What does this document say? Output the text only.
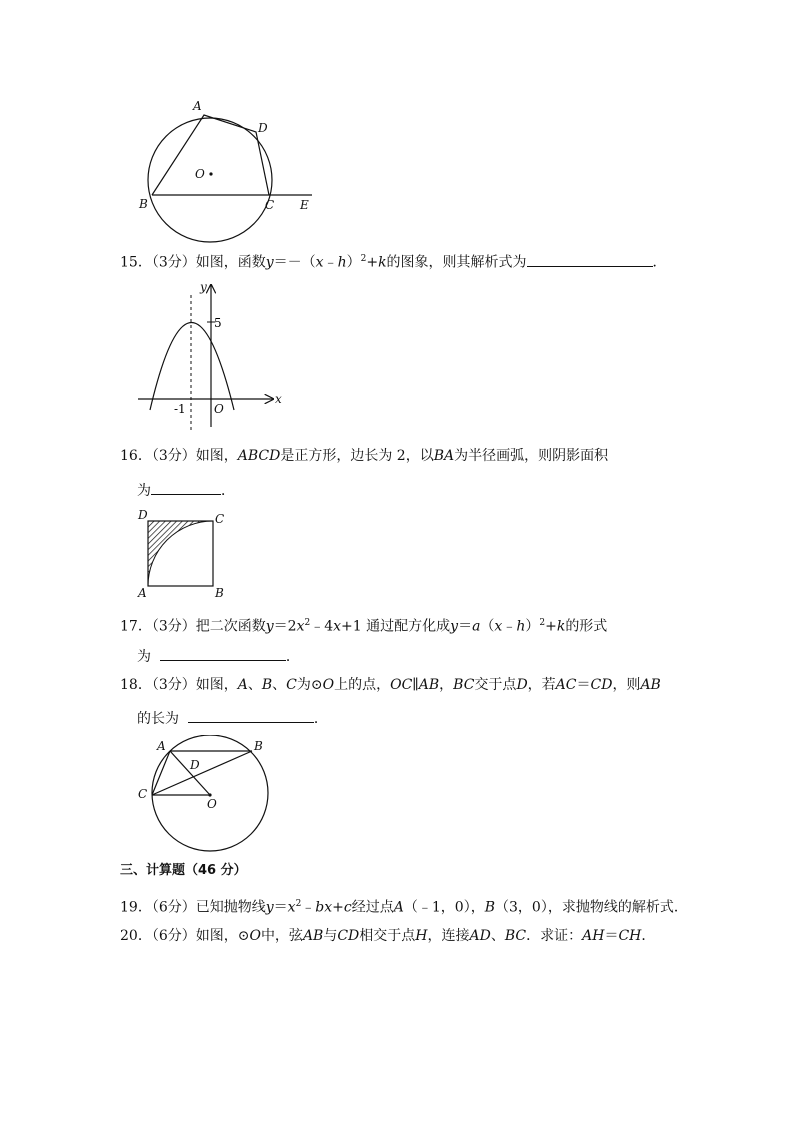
A
D
O
B	C E
15．（3分）如图，函数y＝－（x﹣h）$^2$+k的图象，则其解析式为	．
y
x
5
-1 O
16．（3分）如图，ABCD是正方形，边长为 2，以BA为半径画弧，则阴影面积
为	．
D	C
A	B
17．（3分）把二次函数$y=2x^2﹣4x+1$ 通过配方化成y＝a（x﹣h）$^2$+k的形式
为	．
18．（3分）如图，A、B、C为⊙O上的点，OC∥AB，BC交于点D，若AC＝CD，则AB
的长为	．
A	B
D
C
O
三、计算题（46 分）
19．（6分）已知抛物线$y=x^2﹣bx+c$经过点A（﹣1，0），B（3，0），求抛物线的解析式．
20．（6分）如图，⊙O中，弦AB与CD相交于点H，连接AD、BC．求证：AH＝CH．
